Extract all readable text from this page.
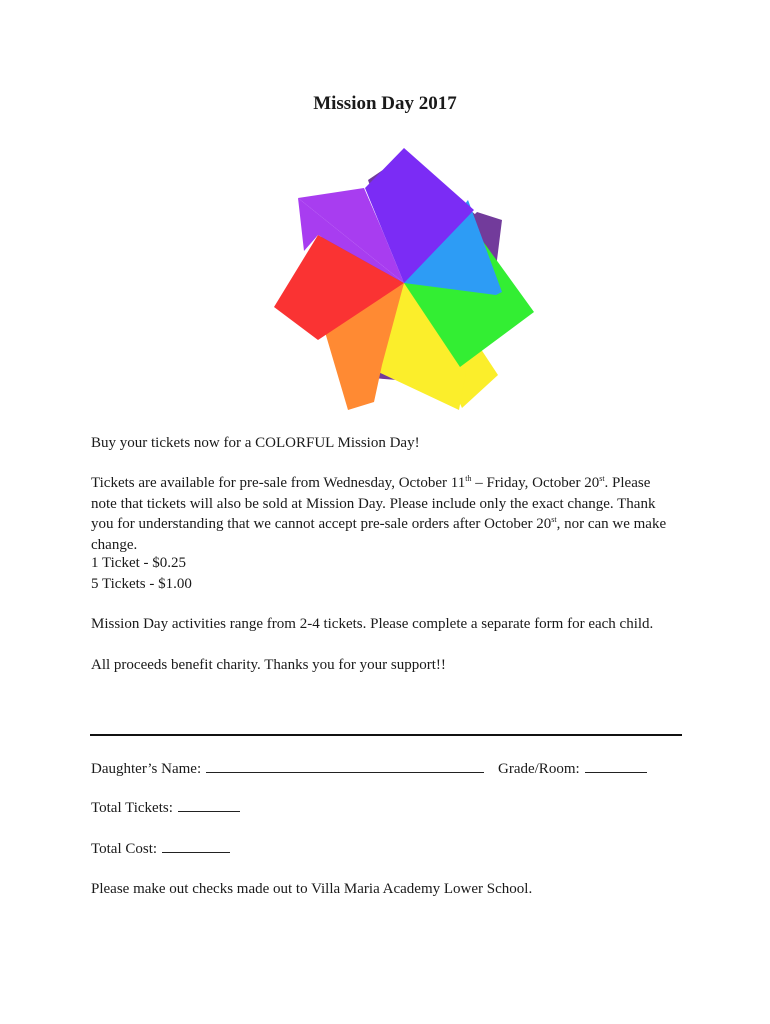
Mission Day 2017

Buy your tickets now for a COLORFUL Mission Day!

Tickets are available for pre-sale from Wednesday, October 11th – Friday, October 20st. Please note that tickets will also be sold at Mission Day. Please include only the exact change. Thank you for understanding that we cannot accept pre-sale orders after October 20st, nor can we make change.

1 Ticket - $0.25

5 Tickets - $1.00

Mission Day activities range from 2-4 tickets. Please complete a separate form for each child.

All proceeds benefit charity. Thanks you for your support!!

Daughter’s Name:	Grade/Room:
Total Tickets:
Total Cost:

Please make out checks made out to Villa Maria Academy Lower School.
